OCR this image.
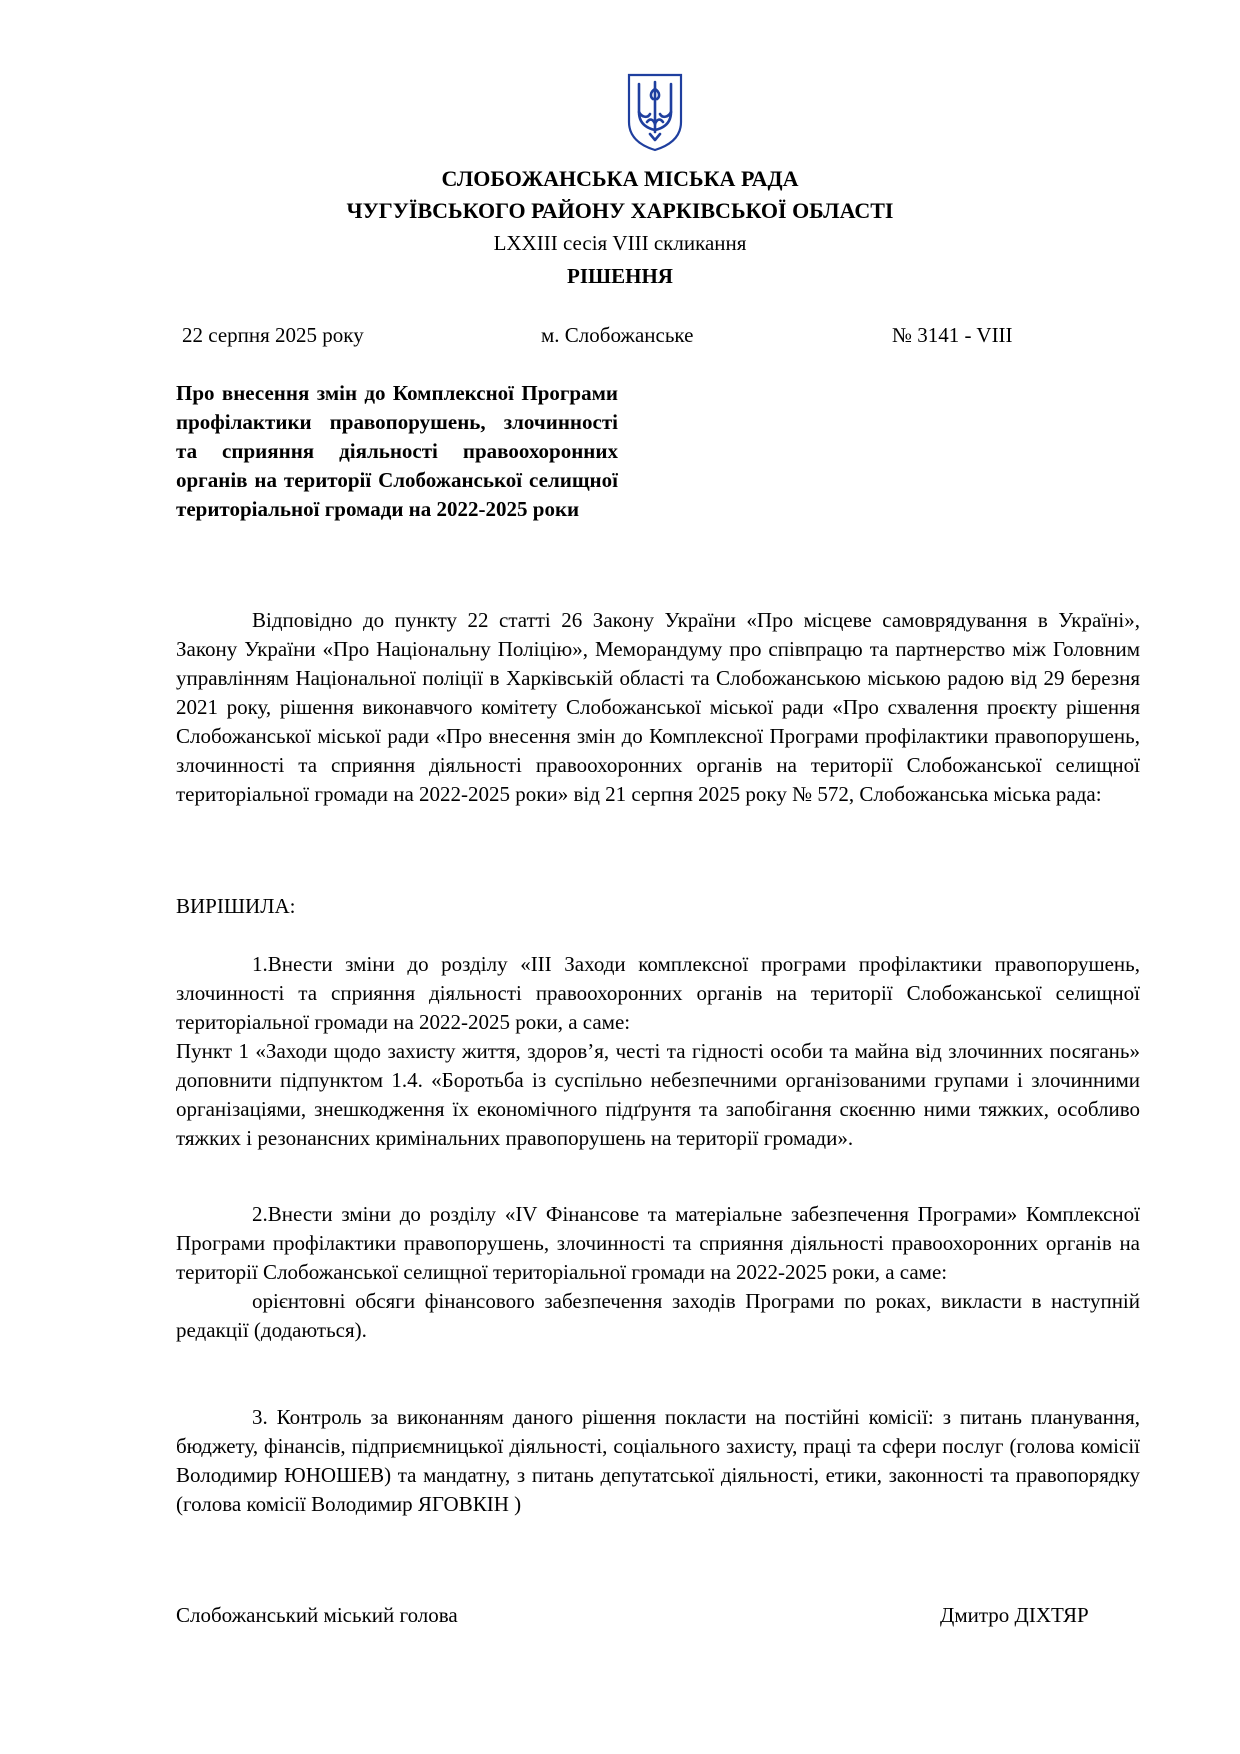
СЛОБОЖАНСЬКА МІСЬКА РАДА
ЧУГУЇВСЬКОГО РАЙОНУ ХАРКІВСЬКОЇ ОБЛАСТІ
LXXIII сесія VIII скликання
РІШЕННЯ
22 серпня 2025 року	м. Слобожанське	№ 3141 - VIII
Про внесення змін до Комплексної Програми профілактики правопорушень, злочинності та сприяння діяльності правоохоронних органів на території Слобожанської селищної територіальної громади на 2022-2025 роки
Відповідно до пункту 22 статті 26 Закону України «Про місцеве самоврядування в Україні», Закону України «Про Національну Поліцію», Меморандуму про співпрацю та партнерство між Головним управлінням Національної поліції в Харківській області та Слобожанською міською радою від 29 березня 2021 року, рішення виконавчого комітету Слобожанської міської ради «Про схвалення проєкту рішення Слобожанської міської ради «Про внесення змін до Комплексної Програми профілактики правопорушень, злочинності та сприяння діяльності правоохоронних органів на території Слобожанської селищної територіальної громади на 2022-2025 роки» від 21 серпня 2025 року № 572, Слобожанська міська рада:
ВИРІШИЛА:
1.Внести зміни до розділу «ІІІ Заходи комплексної програми профілактики правопорушень, злочинності та сприяння діяльності правоохоронних органів на території Слобожанської селищної територіальної громади на 2022-2025 роки, а саме:
Пункт 1 «Заходи щодо захисту життя, здоров’я, честі та гідності особи та майна від злочинних посягань» доповнити підпунктом 1.4. «Боротьба із суспільно небезпечними організованими групами і злочинними організаціями, знешкодження їх економічного підґрунтя та запобігання скоєнню ними тяжких, особливо тяжких і резонансних кримінальних правопорушень на території громади».
2.Внести зміни до розділу «ІV Фінансове та матеріальне забезпечення Програми» Комплексної Програми профілактики правопорушень, злочинності та сприяння діяльності правоохоронних органів на території Слобожанської селищної територіальної громади на 2022-2025 роки, а саме:
орієнтовні обсяги фінансового забезпечення заходів Програми по роках, викласти в наступній редакції (додаються).
3. Контроль за виконанням даного рішення покласти на постійні комісії: з питань планування, бюджету, фінансів, підприємницької діяльності, соціального захисту, праці та сфери послуг (голова комісії Володимир ЮНОШЕВ) та мандатну, з питань депутатської діяльності, етики, законності та правопорядку (голова комісії Володимир ЯГОВКІН )
Слобожанський міський голова	Дмитро ДІХТЯР
